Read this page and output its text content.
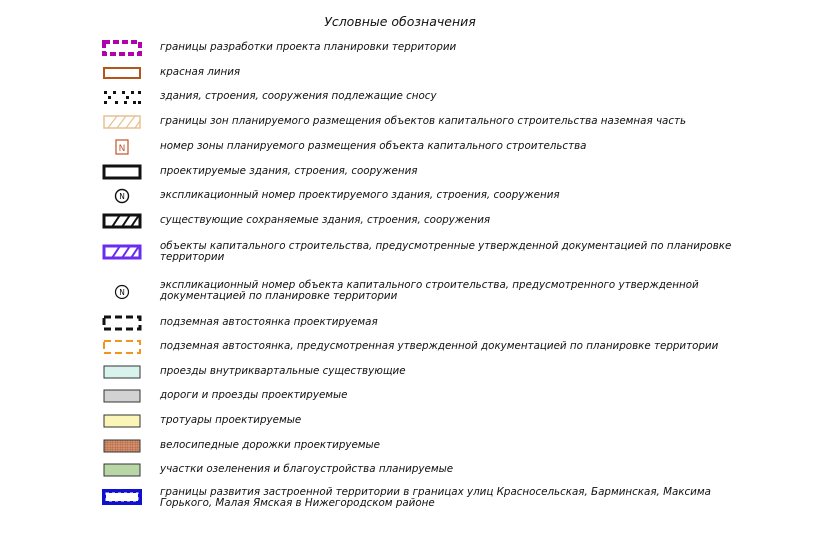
Условные обозначения
границы разработки проекта планировки территории
красная линия
здания, строения, сооружения подлежащие сносу
границы зон планируемого размещения объектов капитального строительства наземная часть
N	номер зоны планируемого размещения объекта капитального строительства
проектируемые здания, строения, сооружения
N	экспликационный номер проектируемого здания, строения, сооружения
существующие сохраняемые здания, строения, сооружения
объекты капитального строительства, предусмотренные утвержденной документацией по планировке территории
N
экспликационный номер объекта капитального строительства, предусмотренного утвержденной документацией по планировке территории
подземная автостоянка проектируемая
подземная автостоянка, предусмотренная утвержденной документацией по планировке территории
проезды внутриквартальные существующие
дороги и проезды проектируемые
тротуары проектируемые
велосипедные дорожки проектируемые
участки озеленения и благоустройства планируемые
границы развития застроенной территории в границах улиц Красносельская, Барминская, Максима Горького, Малая Ямская в Нижегородском районе
